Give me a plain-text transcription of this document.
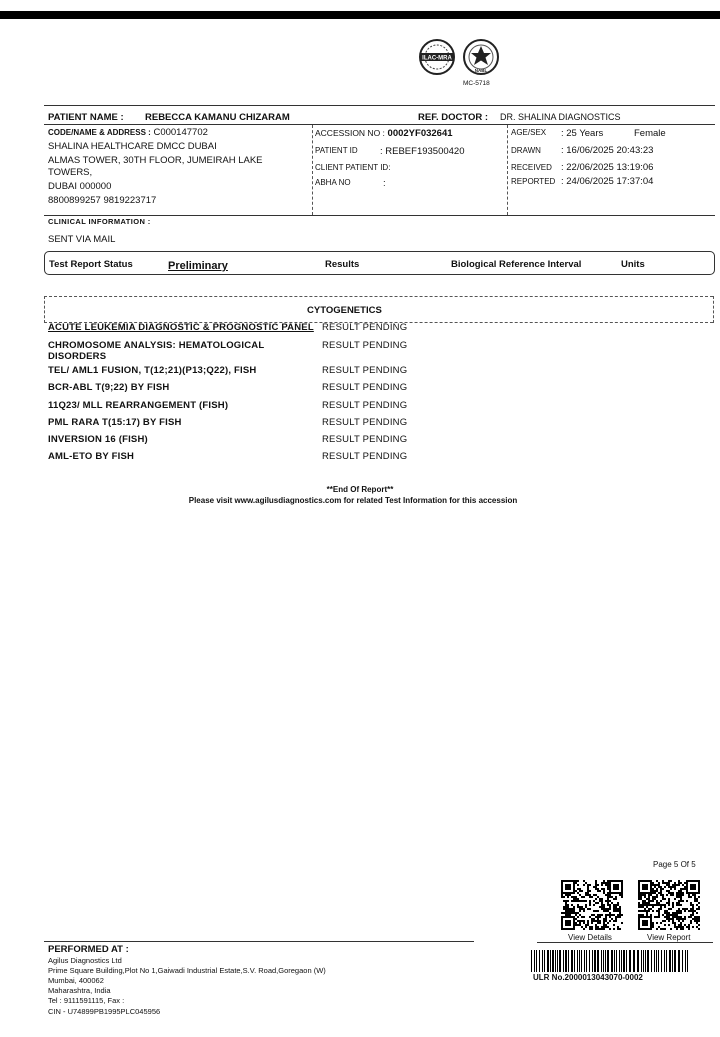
ILAC-MRA
NABL
MC-5718
PATIENT NAME : REBECCA KAMANU CHIZARAM	REF. DOCTOR : DR. SHALINA DIAGNOSTICS
CODE/NAME & ADDRESS : C000147702
SHALINA HEALTHCARE DMCC DUBAI
ALMAS TOWER, 30TH FLOOR, JUMEIRAH LAKE
TOWERS,
DUBAI 000000
8800899257 9819223717
ACCESSION NO : 0002YF032641
PATIENT ID : REBEF193500420
CLIENT PATIENT ID:
ABHA NO	:
AGE/SEX : 25 Years	Female
DRAWN : 16/06/2025 20:43:23
RECEIVED : 22/06/2025 13:19:06
REPORTED : 24/06/2025 17:37:04
CLINICAL INFORMATION :
SENT VIA MAIL
Test Report Status	Preliminary	Results	Biological Reference Interval	Units
CYTOGENETICS
ACUTE LEUKEMIA DIAGNOSTIC & PROGNOSTIC PANEL RESULT PENDING
CHROMOSOME ANALYSIS: HEMATOLOGICAL
DISORDERS
RESULT PENDING
TEL/ AML1 FUSION, T(12;21)(P13;Q22), FISH	RESULT PENDING
BCR-ABL T(9;22) BY FISH	RESULT PENDING
11Q23/ MLL REARRANGEMENT (FISH)	RESULT PENDING
PML RARA T(15:17) BY FISH	RESULT PENDING
INVERSION 16 (FISH)	RESULT PENDING
AML-ETO BY FISH	RESULT PENDING
**End Of Report**
Please visit www.agilusdiagnostics.com for related Test Information for this accession
Page 5 Of 5
View Details	View Report
ULR No.2000013043070-0002
PERFORMED AT :
Agilus Diagnostics Ltd
Prime Square Building,Plot No 1,Gaiwadi Industrial Estate,S.V. Road,Goregaon (W)
Mumbai, 400062
Maharashtra, India
Tel : 9111591115, Fax :
CIN - U74899PB1995PLC045956
